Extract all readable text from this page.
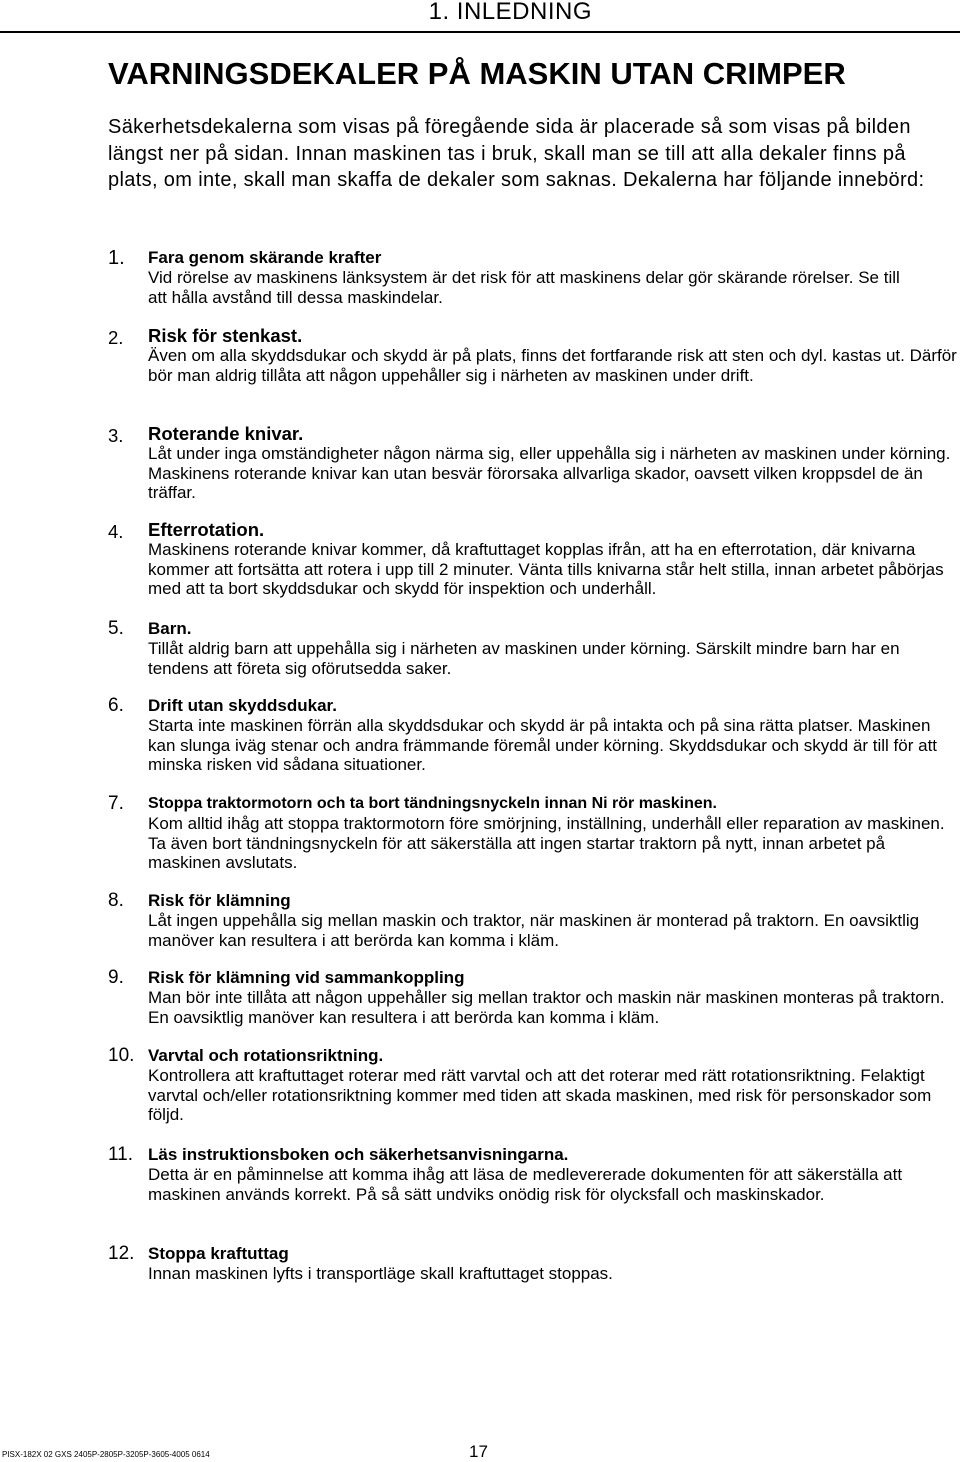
1. INLEDNING
VARNINGSDEKALER PÅ MASKIN UTAN CRIMPER
Säkerhetsdekalerna som visas på föregående sida är placerade så som visas på bilden längst ner på sidan. Innan maskinen tas i bruk, skall man se till att alla dekaler finns på plats, om inte, skall man skaffa de dekaler som saknas. Dekalerna har följande innebörd:
1. Fara genom skärande krafter
Vid rörelse av maskinens länksystem är det risk för att maskinens delar gör skärande rörelser. Se till att hålla avstånd till dessa maskindelar.
2. Risk för stenkast.
Även om alla skyddsdukar och skydd är på plats, finns det fortfarande risk att sten och dyl. kastas ut. Därför bör man aldrig tillåta att någon uppehåller sig i närheten av maskinen under drift.
3. Roterande knivar.
Låt under inga omständigheter någon närma sig, eller uppehålla sig i närheten av maskinen under körning. Maskinens roterande knivar kan utan besvär förorsaka allvarliga skador, oavsett vilken kroppsdel de än träffar.
4. Efterrotation.
Maskinens roterande knivar kommer, då kraftuttaget kopplas ifrån, att ha en efterrotation, där knivarna kommer att fortsätta att rotera i upp till 2 minuter. Vänta tills knivarna står helt stilla, innan arbetet påbörjas med att ta bort skyddsdukar och skydd för inspektion och underhåll.
5. Barn.
Tillåt aldrig barn att uppehålla sig i närheten av maskinen under körning. Särskilt mindre barn har en tendens att företa sig oförutsedda saker.
6. Drift utan skyddsdukar.
Starta inte maskinen förrän alla skyddsdukar och skydd är på intakta och på sina rätta platser. Maskinen kan slunga iväg stenar och andra främmande föremål under körning. Skyddsdukar och skydd är till för att minska risken vid sådana situationer.
7. Stoppa traktormotorn och ta bort tändningsnyckeln innan Ni rör maskinen.
Kom alltid ihåg att stoppa traktormotorn före smörjning, inställning, underhåll eller reparation av maskinen. Ta även bort tändningsnyckeln för att säkerställa att ingen startar traktorn på nytt, innan arbetet på maskinen avslutats.
8. Risk för klämning
Låt ingen uppehålla sig mellan maskin och traktor, när maskinen är monterad på traktorn. En oavsiktlig manöver kan resultera i att berörda kan komma i kläm.
9. Risk för klämning vid sammankoppling
Man bör inte tillåta att någon uppehåller sig mellan traktor och maskin när maskinen monteras på traktorn. En oavsiktlig manöver kan resultera i att berörda kan komma i kläm.
10. Varvtal och rotationsriktning.
Kontrollera att kraftuttaget roterar med rätt varvtal och att det roterar med rätt rotationsriktning. Felaktigt varvtal och/eller rotationsriktning kommer med tiden att skada maskinen, med risk för personskador som följd.
11. Läs instruktionsboken och säkerhetsanvisningarna.
Detta är en påminnelse att komma ihåg att läsa de medlevererade dokumenten för att säkerställa att maskinen används korrekt. På så sätt undviks onödig risk för olycksfall och maskinskador.
12. Stoppa kraftuttag
Innan maskinen lyfts i transportläge skall kraftuttaget stoppas.
PISX-182X 02 GXS 2405P-2805P-3205P-3605-4005 0614	17
